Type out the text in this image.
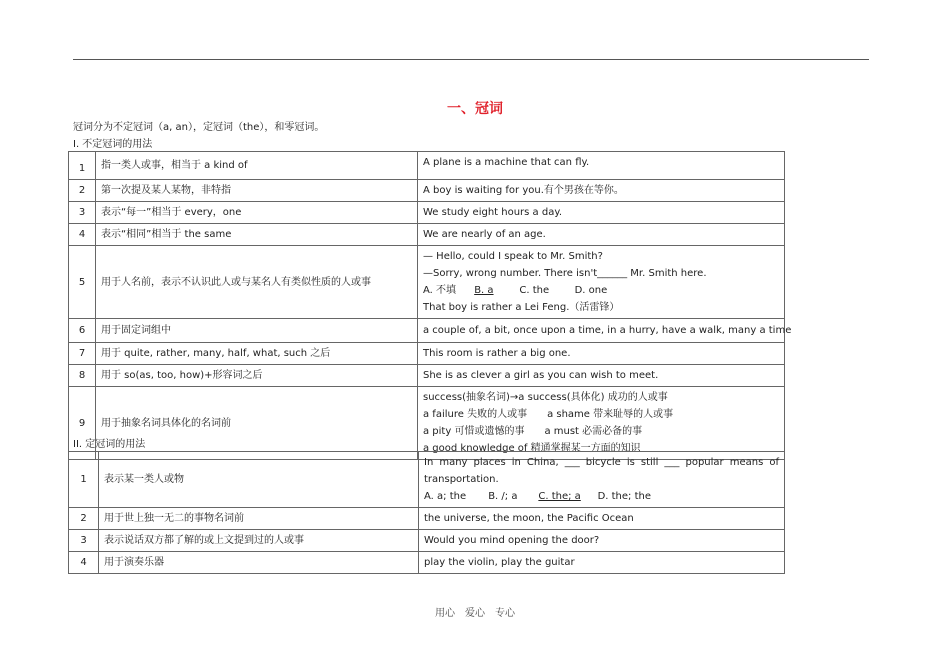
一、冠词
冠词分为不定冠词（a, an），定冠词（the），和零冠词。
I. 不定冠词的用法
1	指一类人或事，相当于 a kind of	A plane is a machine that can fly.
2	第一次提及某人某物，非特指	A boy is waiting for you.有个男孩在等你。
3	表示“每一”相当于 every，one	We study eight hours a day.
4	表示“相同”相当于 the same	We are nearly of an age.
5	用于人名前，表示不认识此人或与某名人有类似性质的人或事	— Hello, could I speak to Mr. Smith?
—Sorry, wrong number. There isn't______ Mr. Smith here.
A. 不填 B. a C. the D. one
That boy is rather a Lei Feng.（活雷锋）

6	用于固定词组中	a couple of, a bit, once upon a time, in a hurry, have a walk, many a time
7	用于 quite, rather, many, half, what, such 之后	This room is rather a big one.
8	用于 so(as, too, how)+形容词之后	She is as clever a girl as you can wish to meet.
9	用于抽象名词具体化的名词前	success(抽象名词)→a success(具体化) 成功的人或事
a failure 失败的人或事　　a shame 带来耻辱的人或事
a pity 可惜或遗憾的事　　a must 必需必备的事
a good knowledge of 精通掌握某一方面的知识
II. 定冠词的用法
1	表示某一类人或物	In many places in China, ___ bicycle is still ___ popular means of transportation.
A. a; the B. /; a C. the; a D. the; the

2	用于世上独一无二的事物名词前	the universe, the moon, the Pacific Ocean
3	表示说话双方都了解的或上文提到过的人或事	Would you mind opening the door?
4	用于演奏乐器	play the violin, play the guitar
用心　爱心　专心
